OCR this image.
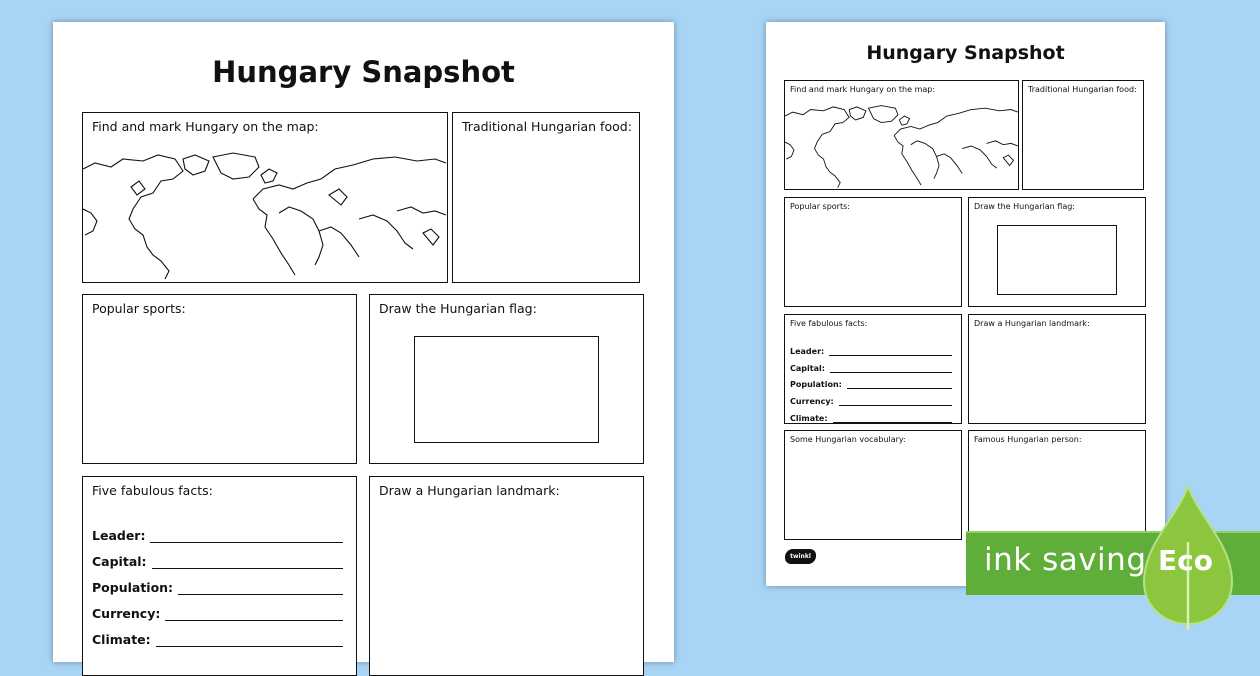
Hungary Snapshot
Find and mark Hungary on the map:	Traditional Hungarian food:
Popular sports:	Draw the Hungarian flag:
Five fabulous facts:
Leader:
Capital:
Population:
Currency:
Climate:
Draw a Hungarian landmark:
Hungary Snapshot
Find and mark Hungary on the map:	Traditional Hungarian food:
Popular sports:	Draw the Hungarian flag:
Five fabulous facts:
Leader:
Capital:
Population:
Currency:
Climate:
Draw a Hungarian landmark:
Some Hungarian vocabulary:	Famous Hungarian person:
twinkl	ink saving Eco
